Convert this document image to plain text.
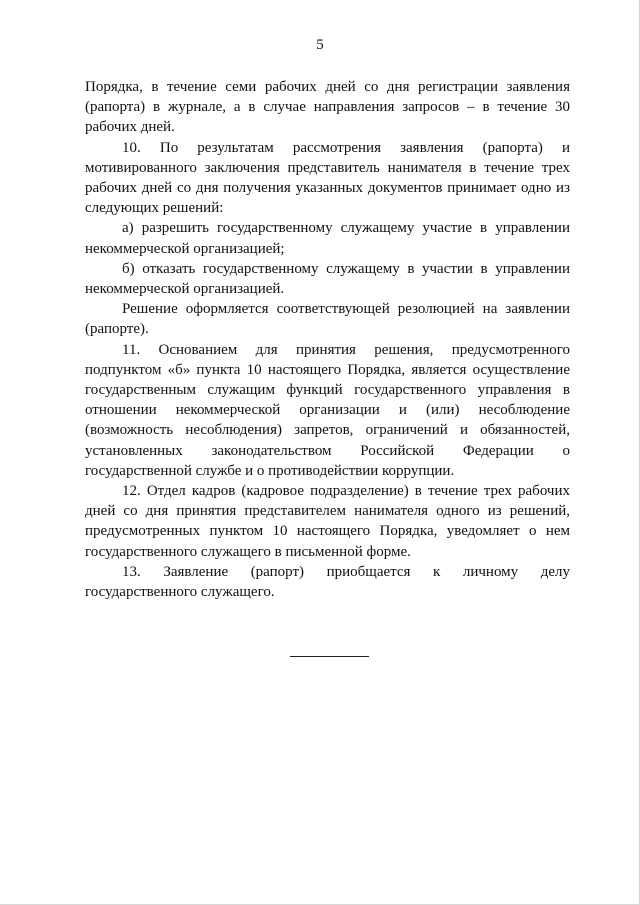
5

Порядка, в течение семи рабочих дней со дня регистрации заявления (рапорта) в журнале, а в случае направления запросов – в течение 30 рабочих дней.

10. По результатам рассмотрения заявления (рапорта) и мотивированного заключения представитель нанимателя в течение трех рабочих дней со дня получения указанных документов принимает одно из следующих решений:

а) разрешить государственному служащему участие в управлении некоммерческой организацией;

б) отказать государственному служащему в участии в управлении некоммерческой организацией.

Решение оформляется соответствующей резолюцией на заявлении (рапорте).

11. Основанием для принятия решения, предусмотренного подпунктом «б» пункта 10 настоящего Порядка, является осуществление государственным служащим функций государственного управления в отношении некоммерческой организации и (или) несоблюдение (возможность несоблюдения) запретов, ограничений и обязанностей, установленных законодательством Российской Федерации о государственной службе и о противодействии коррупции.

12. Отдел кадров (кадровое подразделение) в течение трех рабочих дней со дня принятия представителем нанимателя одного из решений, предусмотренных пунктом 10 настоящего Порядка, уведомляет о нем государственного служащего в письменной форме.

13. Заявление (рапорт) приобщается к личному делу государственного служащего.
